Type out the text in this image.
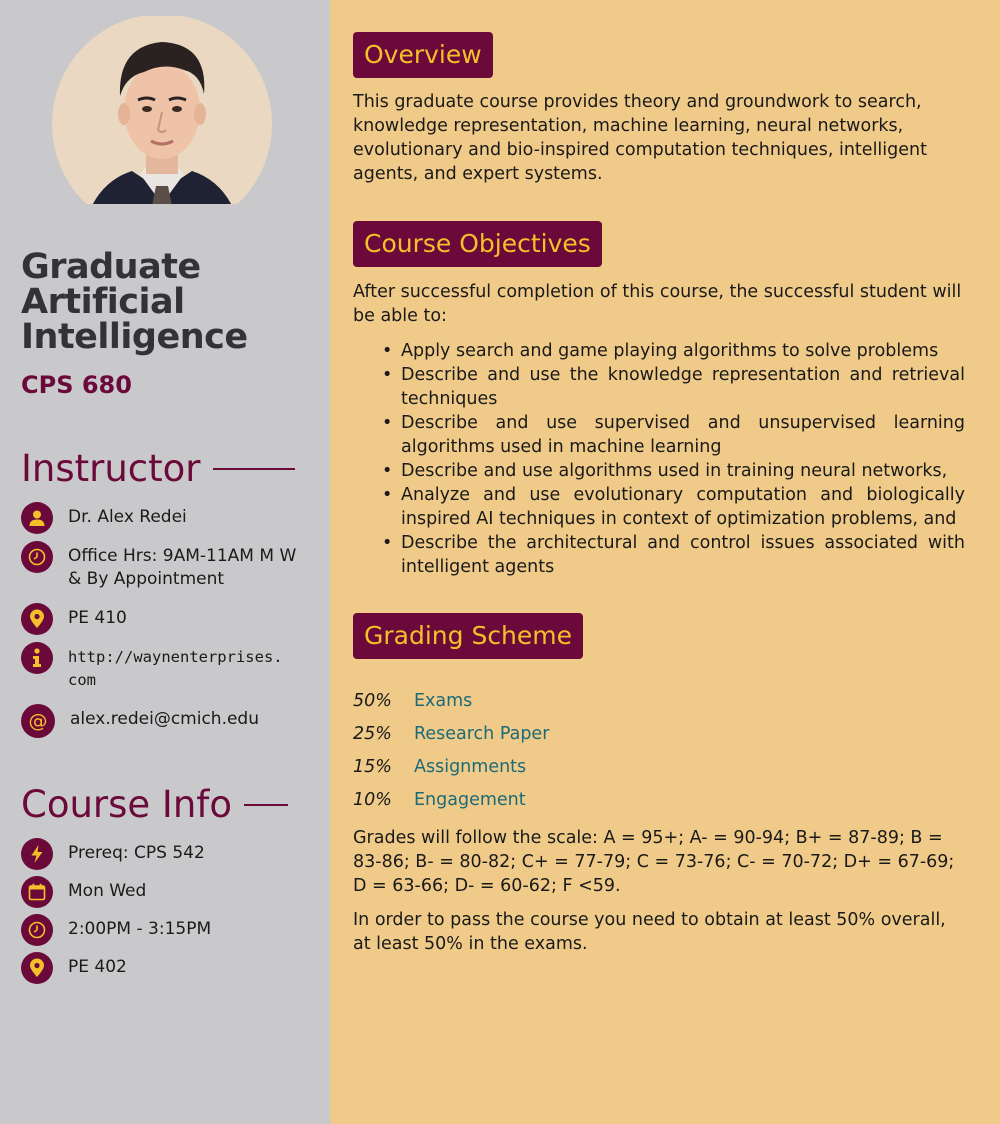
Graduate
Artificial
Intelligence
CPS 680
Instructor
Dr. Alex Redei
Office Hrs: 9AM-11AM M W
& By Appointment
PE 410
http://waynenterprises.
com
@ alex.redei@cmich.edu
Course Info
Prereq: CPS 542
Mon Wed
2:00PM - 3:15PM
PE 402
Overview

This graduate course provides theory and groundwork to search, knowledge representation, machine learning, neural networks, evolutionary and bio-inspired computation techniques, intelligent agents, and expert systems.

Course Objectives

After successful completion of this course, the successful student will be able to:

• Apply search and game playing algorithms to solve problems
• Describe and use the knowledge representation and retrieval techniques
• Describe and use supervised and unsupervised learning algorithms used in machine learning
• Describe and use algorithms used in training neural networks,
• Analyze and use evolutionary computation and biologically inspired AI techniques in context of optimization problems, and
• Describe the architectural and control issues associated with intelligent agents
Grading Scheme
50%	Exams
25%	Research Paper
15%	Assignments
10%	Engagement

Grades will follow the scale: A = 95+; A- = 90-94; B+ = 87-89; B = 83-86; B- = 80-82; C+ = 77-79; C = 73-76; C- = 70-72; D+ = 67-69; D = 63-66; D- = 60-62; F <59.

In order to pass the course you need to obtain at least 50% overall, at least 50% in the exams.
